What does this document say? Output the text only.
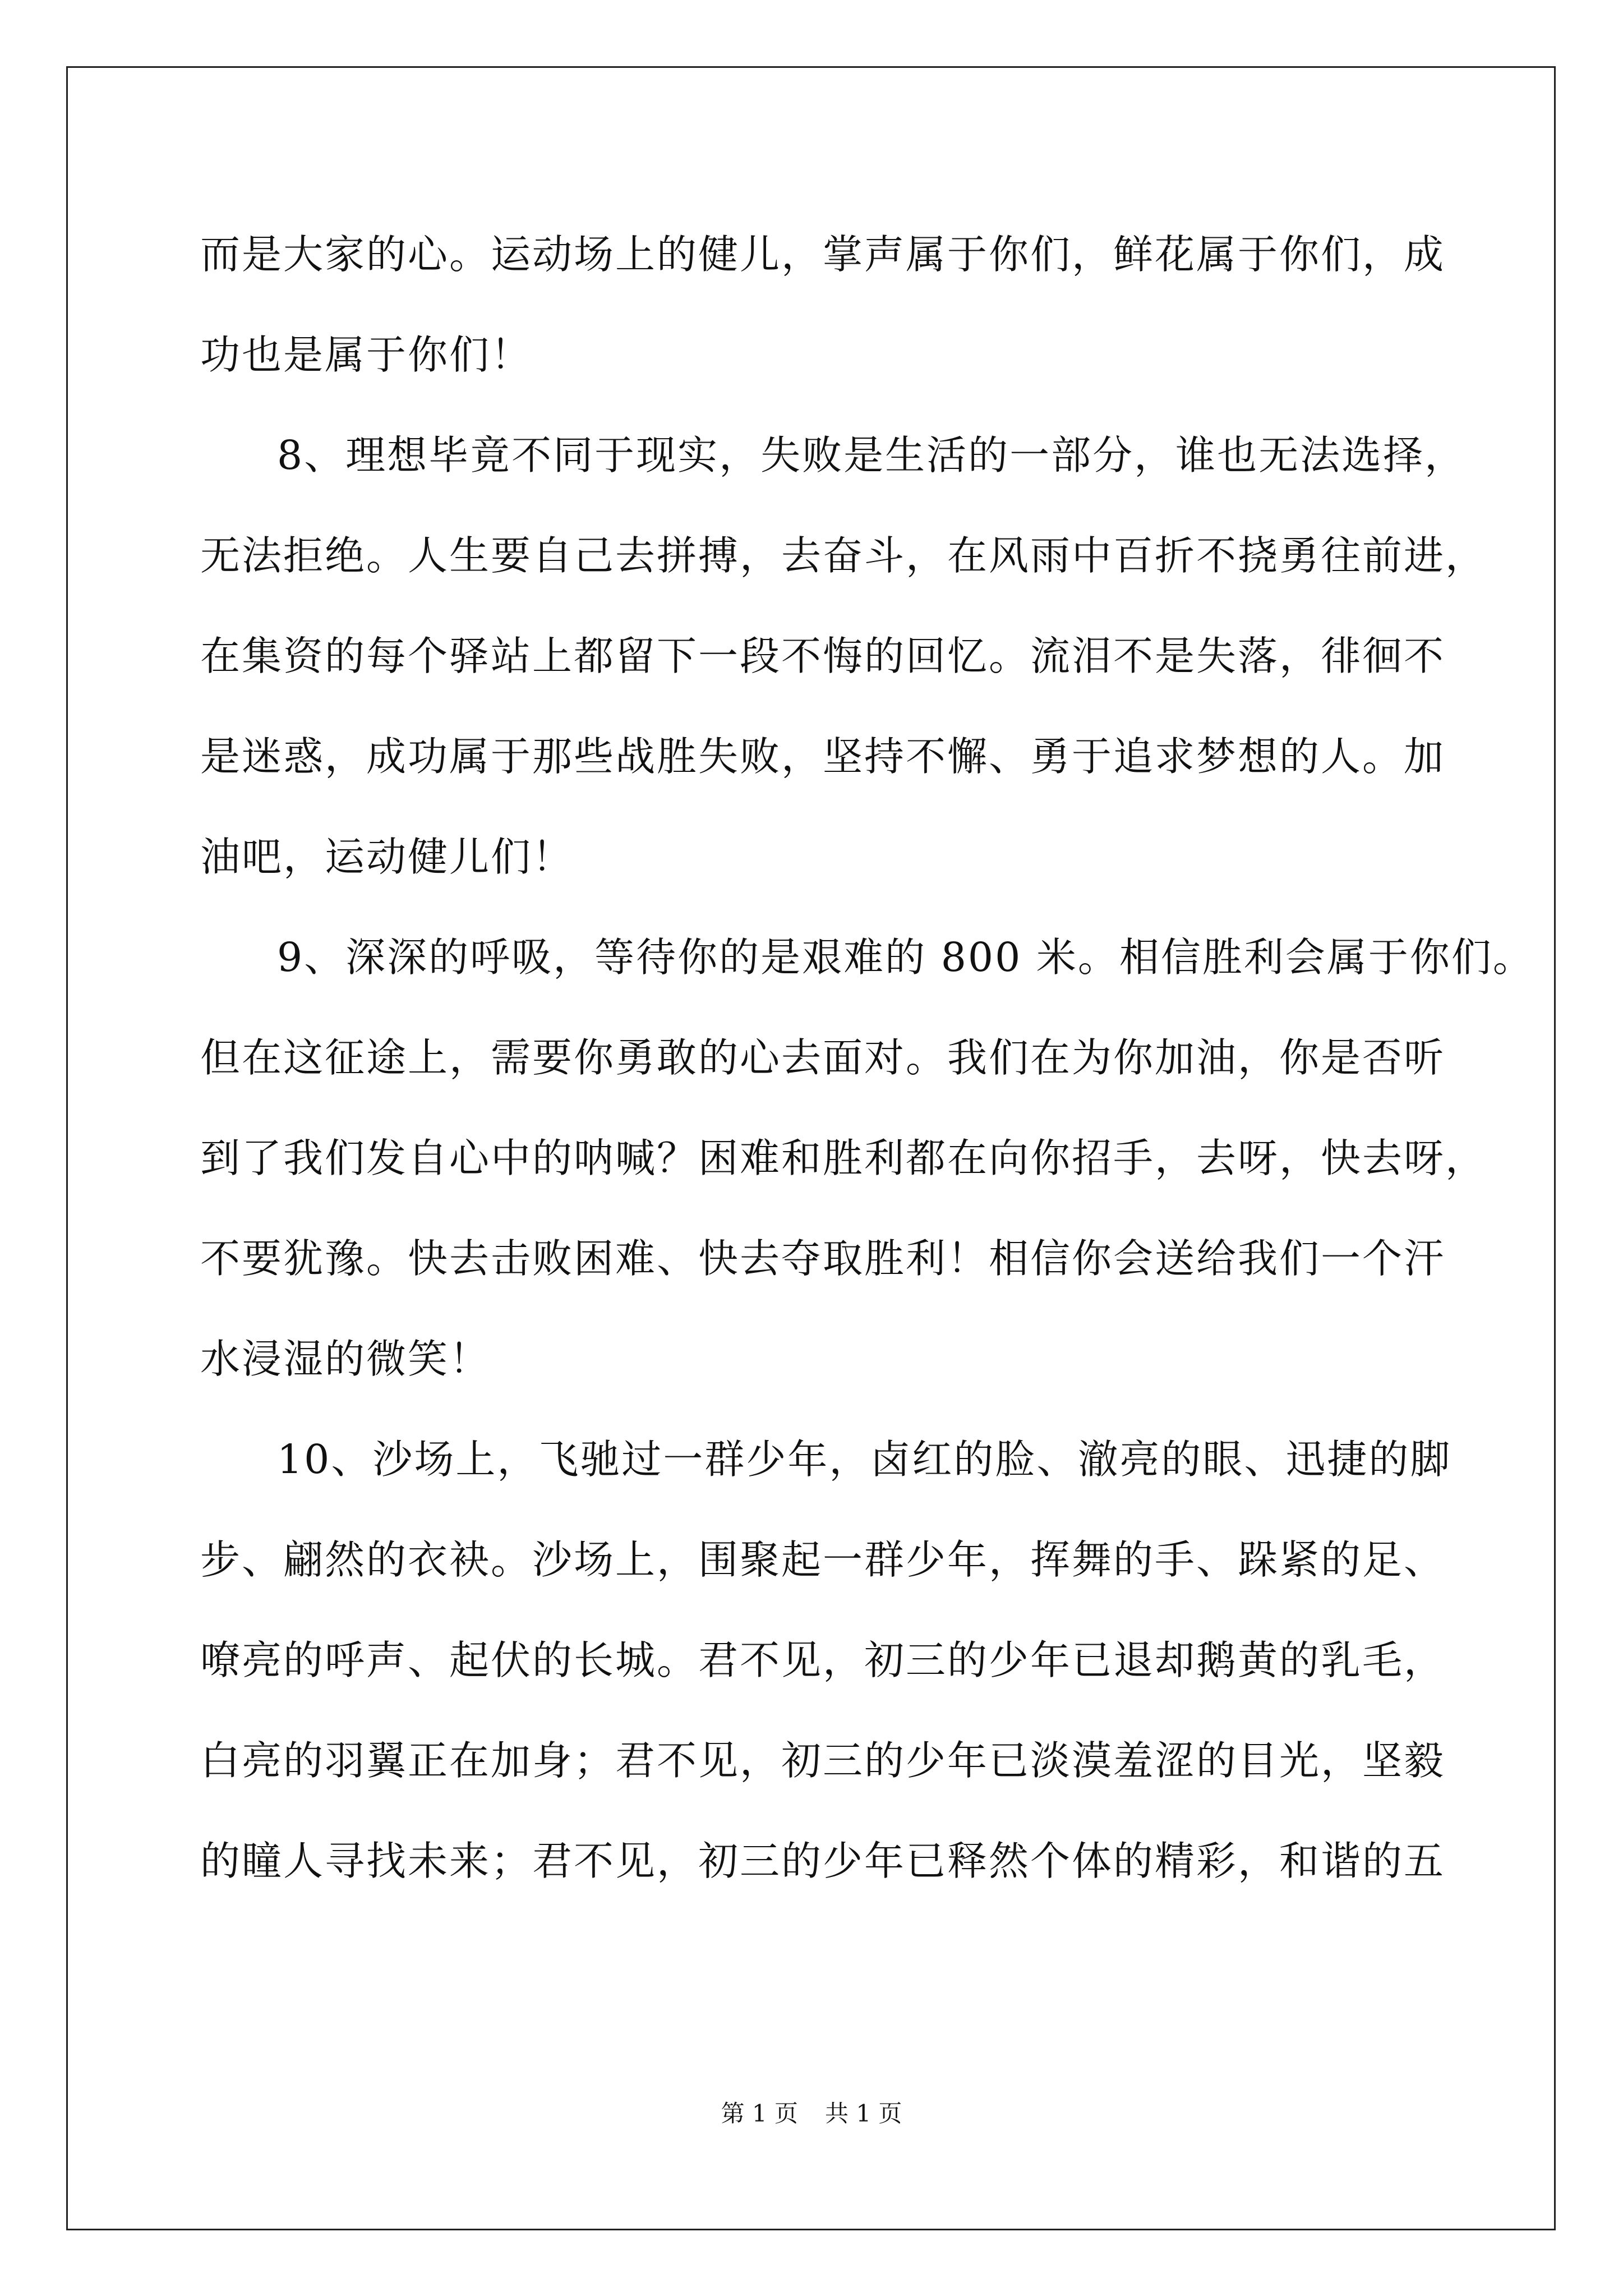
而是大家的心。运动场上的健儿，掌声属于你们，鲜花属于你们，成
功也是属于你们！
8、理想毕竟不同于现实，失败是生活的一部分，谁也无法选择，
无法拒绝。人生要自己去拼搏，去奋斗，在风雨中百折不挠勇往前进，
在集资的每个驿站上都留下一段不悔的回忆。流泪不是失落，徘徊不
是迷惑，成功属于那些战胜失败，坚持不懈、勇于追求梦想的人。加
油吧，运动健儿们！
9、深深的呼吸，等待你的是艰难的 800 米。相信胜利会属于你们。
但在这征途上，需要你勇敢的心去面对。我们在为你加油，你是否听
到了我们发自心中的呐喊？困难和胜利都在向你招手，去呀，快去呀，
不要犹豫。快去击败困难、快去夺取胜利！相信你会送给我们一个汗
水浸湿的微笑！
10、沙场上，飞驰过一群少年，卤红的脸、澈亮的眼、迅捷的脚
步、翩然的衣袂。沙场上，围聚起一群少年，挥舞的手、跺紧的足、
嘹亮的呼声、起伏的长城。君不见，初三的少年已退却鹅黄的乳毛，
白亮的羽翼正在加身；君不见，初三的少年已淡漠羞涩的目光，坚毅
的瞳人寻找未来；君不见，初三的少年已释然个体的精彩，和谐的五
第 1 页 共 1 页
